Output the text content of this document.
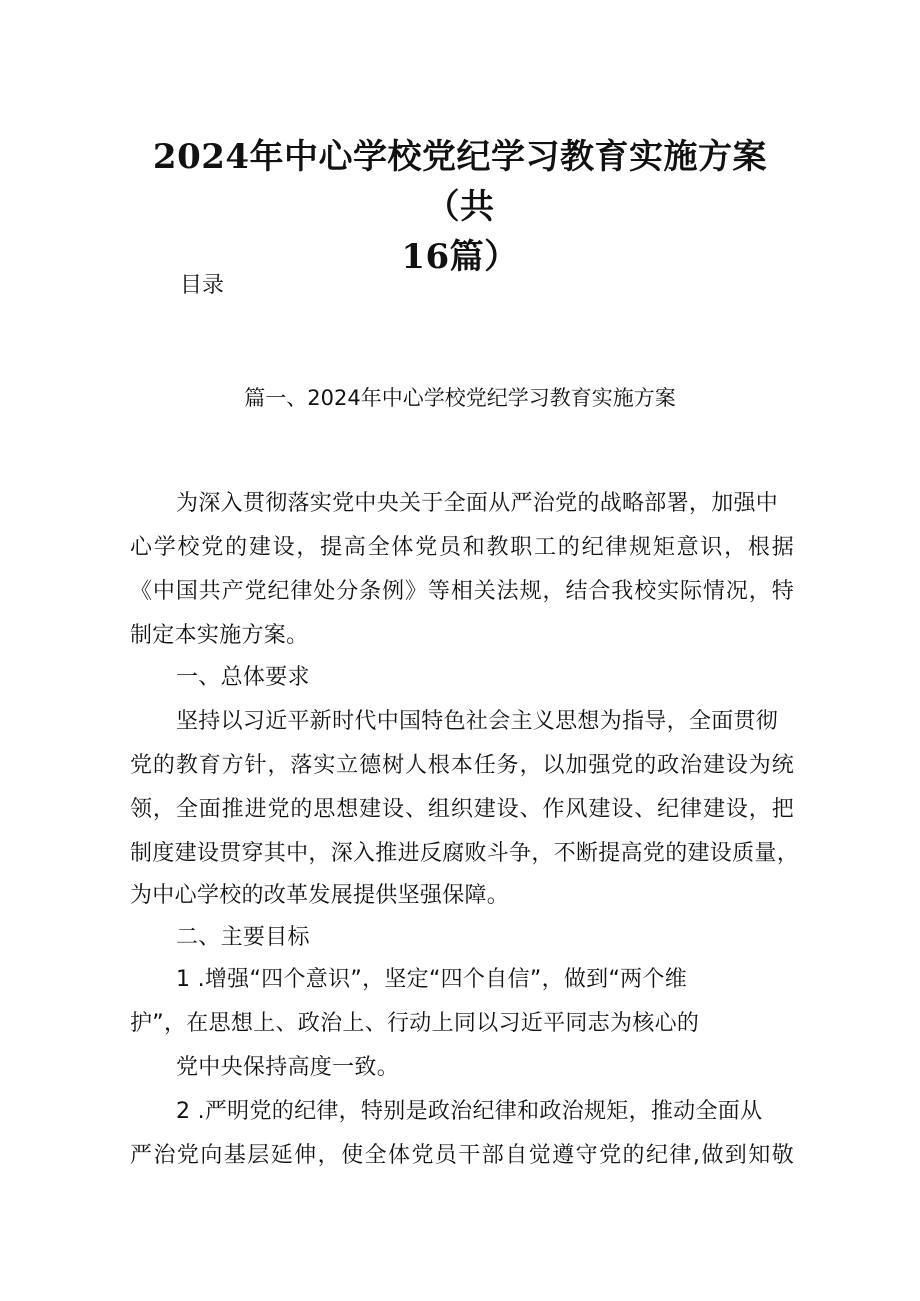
2024年中心学校党纪学习教育实施方案（共
16篇）
目录
篇一、2024年中心学校党纪学习教育实施方案
为深入贯彻落实党中央关于全面从严治党的战略部署，加强中
心学校党的建设，提高全体党员和教职工的纪律规矩意识，根据
《中国共产党纪律处分条例》等相关法规，结合我校实际情况，特
制定本实施方案。
一、总体要求
坚持以习近平新时代中国特色社会主义思想为指导，全面贯彻
党的教育方针，落实立德树人根本任务，以加强党的政治建设为统
领，全面推进党的思想建设、组织建设、作风建设、纪律建设，把
制度建设贯穿其中，深入推进反腐败斗争，不断提高党的建设质量，
为中心学校的改革发展提供坚强保障。
二、主要目标
1 .增强“四个意识”，坚定“四个自信”，做到“两个维
护”，在思想上、政治上、行动上同以习近平同志为核心的
党中央保持高度一致。
2 .严明党的纪律，特别是政治纪律和政治规矩，推动全面从
严治党向基层延伸，使全体党员干部自觉遵守党的纪律,做到知敬
